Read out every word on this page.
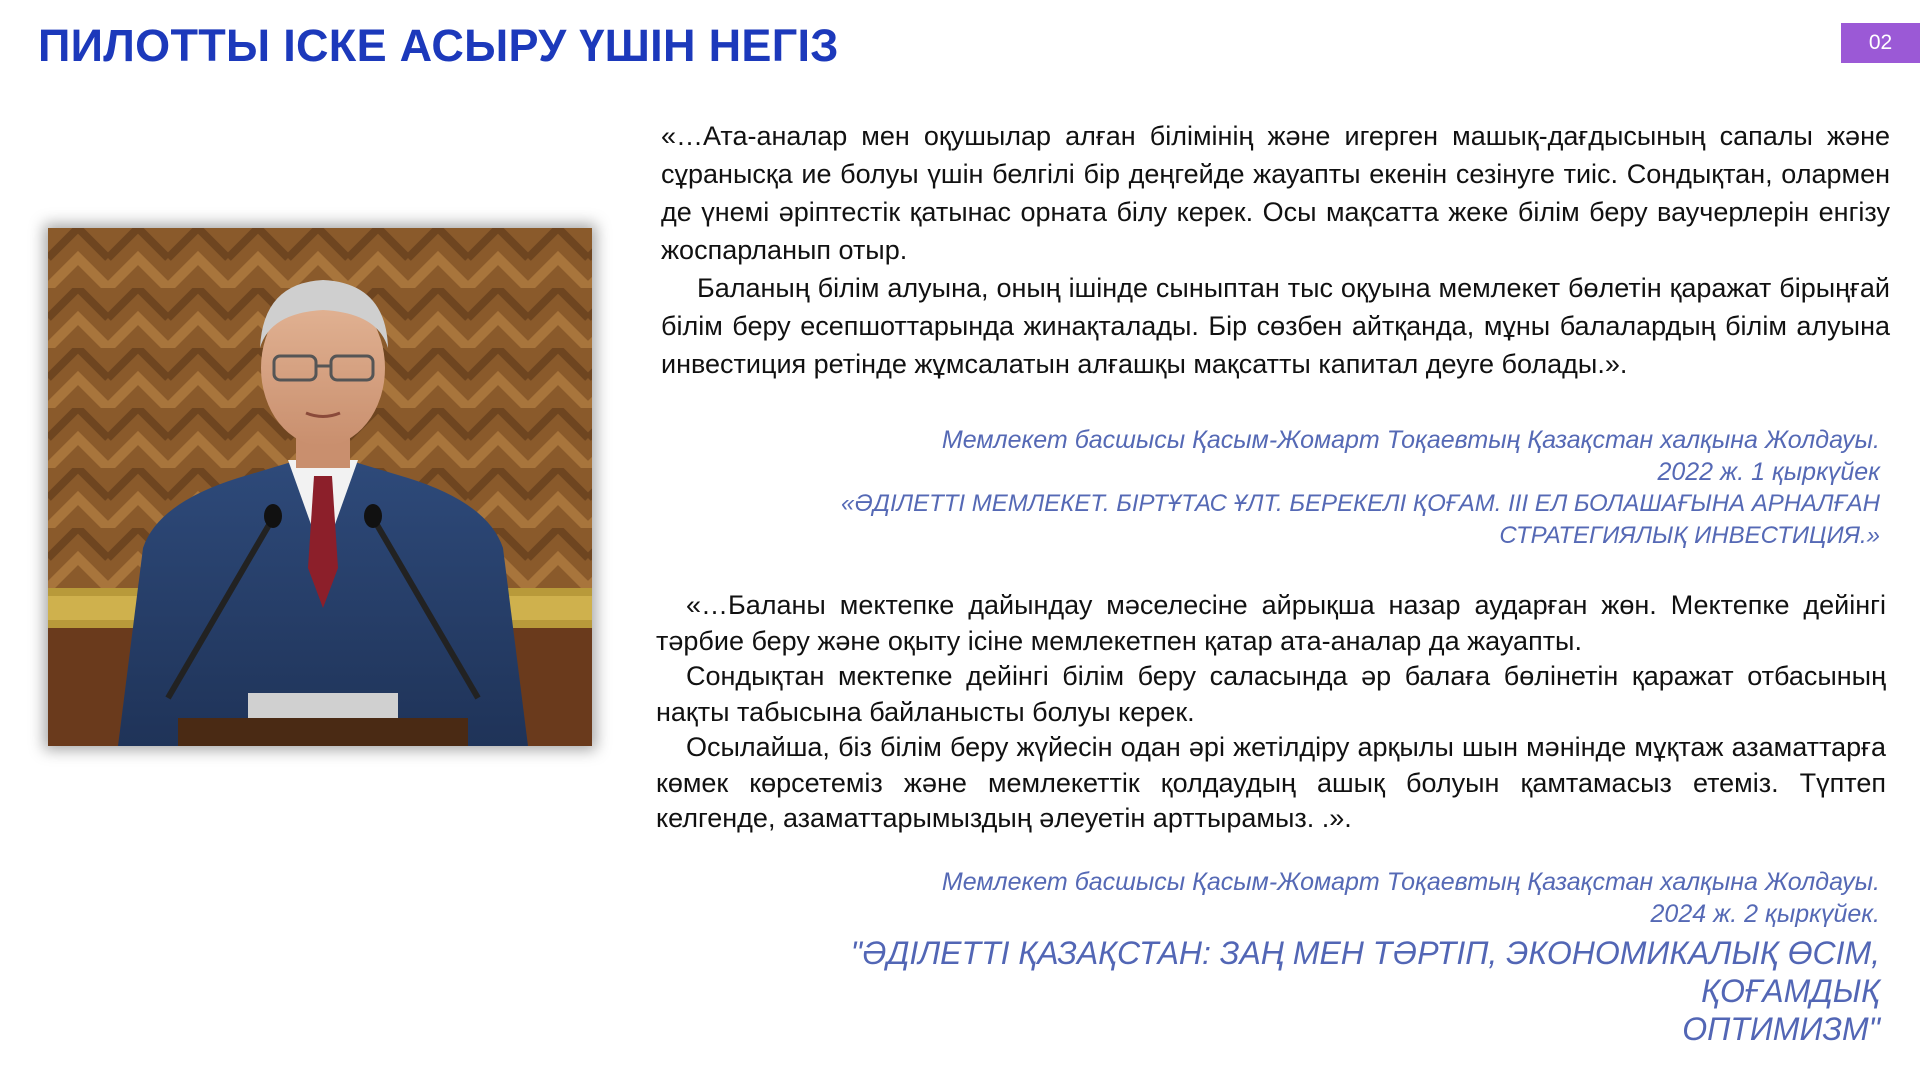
ПИЛОТТЫ ІСКЕ АСЫРУ ҮШІН НЕГІЗ	02

«…Ата-аналар мен оқушылар алған білімінің және игерген машық-дағдысының сапалы және сұранысқа ие болуы үшін белгілі бір деңгейде жауапты екенін сезінуге тиіс. Сондықтан, олармен де үнемі әріптестік қатынас орната білу керек. Осы мақсатта жеке білім беру ваучерлерін енгізу жоспарланып отыр.

Баланың білім алуына, оның ішінде сыныптан тыс оқуына мемлекет бөлетін қаражат бірыңғай білім беру есепшоттарында жинақталады. Бір сөзбен айтқанда, мұны балалардың білім алуына инвестиция ретінде жұмсалатын алғашқы мақсатты капитал деуге болады.».

Мемлекет басшысы Қасым-Жомарт Тоқаевтың Қазақстан халқына Жолдауы.
2022 ж. 1 қыркүйек
«ӘДІЛЕТТІ МЕМЛЕКЕТ. БІРТҰТАС ҰЛТ. БЕРЕКЕЛІ ҚОҒАМ. ІІІ ЕЛ БОЛАШАҒЫНА АРНАЛҒАН
СТРАТЕГИЯЛЫҚ ИНВЕСТИЦИЯ.»

«…Баланы мектепке дайындау мәселесіне айрықша назар аударған жөн. Мектепке дейінгі тәрбие беру және оқыту ісіне мемлекетпен қатар ата-аналар да жауапты.

Сондықтан мектепке дейінгі білім беру саласында әр балаға бөлінетін қаражат отбасының нақты табысына байланысты болуы керек.

Осылайша, біз білім беру жүйесін одан әрі жетілдіру арқылы шын мәнінде мұқтаж азаматтарға көмек көрсетеміз және мемлекеттік қолдаудың ашық болуын қамтамасыз етеміз. Түптеп келгенде, азаматтарымыздың әлеуетін арттырамыз. .».

Мемлекет басшысы Қасым-Жомарт Тоқаевтың Қазақстан халқына Жолдауы.
2024 ж. 2 қыркүйек.
"ӘДІЛЕТТІ ҚАЗАҚСТАН: ЗАҢ МЕН ТӘРТІП, ЭКОНОМИКАЛЫҚ ӨСІМ, ҚОҒАМДЫҚ
ОПТИМИЗМ"
